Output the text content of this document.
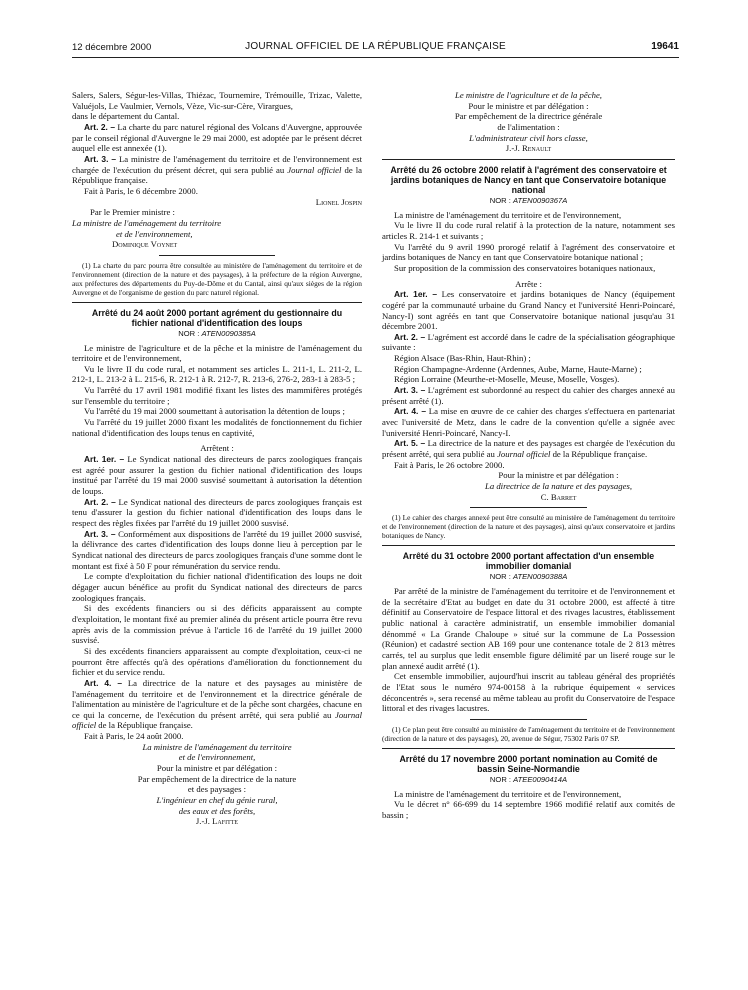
12 décembre 2000	JOURNAL OFFICIEL DE LA RÉPUBLIQUE FRANÇAISE	19641

Salers, Salers, Ségur-les-Villas, Thiézac, Tournemire, Trémouille, Trizac, Valette, Valuéjols, Le Vaulmier, Vernols, Vèze, Vic-sur-Cère, Virargues,

dans le département du Cantal.

Art. 2. – La charte du parc naturel régional des Volcans d'Auvergne, approuvée par le conseil régional d'Auvergne le 29 mai 2000, est adoptée par le présent décret auquel elle est annexée (1).

Art. 3. – La ministre de l'aménagement du territoire et de l'environnement est chargée de l'exécution du présent décret, qui sera publié au Journal officiel de la République française.

Fait à Paris, le 6 décembre 2000.

Lionel Jospin

Par le Premier ministre :

La ministre de l'aménagement du territoire

et de l'environnement,

Dominique Voynet

(1) La charte du parc pourra être consultée au ministère de l'aménagement du territoire et de l'environnement (direction de la nature et des paysages), à la préfecture de la région Auvergne, aux préfectures des départements du Puy-de-Dôme et du Cantal, ainsi qu'aux sièges de la région Auvergne et de l'organisme de gestion du parc naturel régional.

Arrêté du 24 août 2000 portant agrément du gestionnaire du fichier national d'identification des loups
NOR : ATEN0090385A

Le ministre de l'agriculture et de la pêche et la ministre de l'aménagement du territoire et de l'environnement,

Vu le livre II du code rural, et notamment ses articles L. 211-1, L. 211-2, L. 212-1, L. 213-2 à L. 215-6, R. 212-1 à R. 212-7, R. 213-6, 276-2, 283-1 à 283-5 ;

Vu l'arrêté du 17 avril 1981 modifié fixant les listes des mammifères protégés sur l'ensemble du territoire ;

Vu l'arrêté du 19 mai 2000 soumettant à autorisation la détention de loups ;

Vu l'arrêté du 19 juillet 2000 fixant les modalités de fonctionnement du fichier national d'identification des loups tenus en captivité,

Arrêtent :

Art. 1er. – Le Syndicat national des directeurs de parcs zoologiques français est agréé pour assurer la gestion du fichier national d'identification des loups institué par l'arrêté du 19 mai 2000 susvisé soumettant à autorisation la détention de loups.

Art. 2. – Le Syndicat national des directeurs de parcs zoologiques français est tenu d'assurer la gestion du fichier national d'identification des loups dans le respect des règles fixées par l'arrêté du 19 juillet 2000 susvisé.

Art. 3. – Conformément aux dispositions de l'arrêté du 19 juillet 2000 susvisé, la délivrance des cartes d'identification des loups donne lieu à perception par le Syndicat national des directeurs de parcs zoologiques français d'une somme dont le montant est fixé à 50 F pour rémunération du service rendu.

Le compte d'exploitation du fichier national d'identification des loups ne doit dégager aucun bénéfice au profit du Syndicat national des directeurs de parcs zoologiques français.

Si des excédents financiers ou si des déficits apparaissent au compte d'exploitation, le montant fixé au premier alinéa du présent article pourra être revu après avis de la commission prévue à l'article 16 de l'arrêté du 19 juillet 2000 susvisé.

Si des excédents financiers apparaissent au compte d'exploitation, ceux-ci ne pourront être affectés qu'à des opérations d'amélioration du fonctionnement du fichier et du service rendu.

Art. 4. – La directrice de la nature et des paysages au ministère de l'aménagement du territoire et de l'environnement et la directrice générale de l'alimentation au ministère de l'agriculture et de la pêche sont chargées, chacune en ce qui la concerne, de l'exécution du présent arrêté, qui sera publié au Journal officiel de la République française.

Fait à Paris, le 24 août 2000.

La ministre de l'aménagement du territoire

et de l'environnement,

Pour la ministre et par délégation :

Par empêchement de la directrice de la nature

et des paysages :

L'ingénieur en chef du génie rural,

des eaux et des forêts,

J.-J. Lafitte

Le ministre de l'agriculture et de la pêche,

Pour le ministre et par délégation :

Par empêchement de la directrice générale

de l'alimentation :

L'administrateur civil hors classe,

J.-J. Renault

Arrêté du 26 octobre 2000 relatif à l'agrément des conservatoire et jardins botaniques de Nancy en tant que Conservatoire botanique national
NOR : ATEN0090367A

La ministre de l'aménagement du territoire et de l'environnement,

Vu le livre II du code rural relatif à la protection de la nature, notamment ses articles R. 214-1 et suivants ;

Vu l'arrêté du 9 avril 1990 prorogé relatif à l'agrément des conservatoire et jardins botaniques de Nancy en tant que Conservatoire botanique national ;

Sur proposition de la commission des conservatoires botaniques nationaux,

Arrête :

Art. 1er. – Les conservatoire et jardins botaniques de Nancy (équipement cogéré par la communauté urbaine du Grand Nancy et l'université Henri-Poincaré, Nancy-I) sont agréés en tant que Conservatoire botanique national jusqu'au 31 décembre 2001.

Art. 2. – L'agrément est accordé dans le cadre de la spécialisation géographique suivante :

Région Alsace (Bas-Rhin, Haut-Rhin) ;

Région Champagne-Ardenne (Ardennes, Aube, Marne, Haute-Marne) ;

Région Lorraine (Meurthe-et-Moselle, Meuse, Moselle, Vosges).

Art. 3. – L'agrément est subordonné au respect du cahier des charges annexé au présent arrêté (1).

Art. 4. – La mise en œuvre de ce cahier des charges s'effectuera en partenariat avec l'université de Metz, dans le cadre de la convention qu'elle a signée avec l'université Henri-Poincaré, Nancy-I.

Art. 5. – La directrice de la nature et des paysages est chargée de l'exécution du présent arrêté, qui sera publié au Journal officiel de la République française.

Fait à Paris, le 26 octobre 2000.

Pour la ministre et par délégation :

La directrice de la nature et des paysages,

C. Barret

(1) Le cahier des charges annexé peut être consulté au ministère de l'aménagement du territoire et de l'environnement (direction de la nature et des paysages), ainsi qu'aux conservatoire et jardins botaniques de Nancy.

Arrêté du 31 octobre 2000 portant affectation d'un ensemble immobilier domanial
NOR : ATEN0090388A

Par arrêté de la ministre de l'aménagement du territoire et de l'environnement et de la secrétaire d'Etat au budget en date du 31 octobre 2000, est affecté à titre définitif au Conservatoire de l'espace littoral et des rivages lacustres, établissement public national à caractère administratif, un ensemble immobilier domanial dénommé « La Grande Chaloupe » situé sur la commune de La Possession (Réunion) et cadastré section AB 169 pour une contenance totale de 2 813 mètres carrés, tel au surplus que ledit ensemble figure délimité par un liseré rouge sur le plan annexé audit arrêté (1).

Cet ensemble immobilier, aujourd'hui inscrit au tableau général des propriétés de l'Etat sous le numéro 974-00158 à la rubrique équipement « services déconcentrés », sera recensé au même tableau au profit du Conservatoire de l'espace littoral et des rivages lacustres.

(1) Ce plan peut être consulté au ministère de l'aménagement du territoire et de l'environnement (direction de la nature et des paysages), 20, avenue de Ségur, 75302 Paris 07 SP.

Arrêté du 17 novembre 2000 portant nomination au Comité de bassin Seine-Normandie
NOR : ATEE0090414A

La ministre de l'aménagement du territoire et de l'environnement,

Vu le décret n° 66-699 du 14 septembre 1966 modifié relatif aux comités de bassin ;
